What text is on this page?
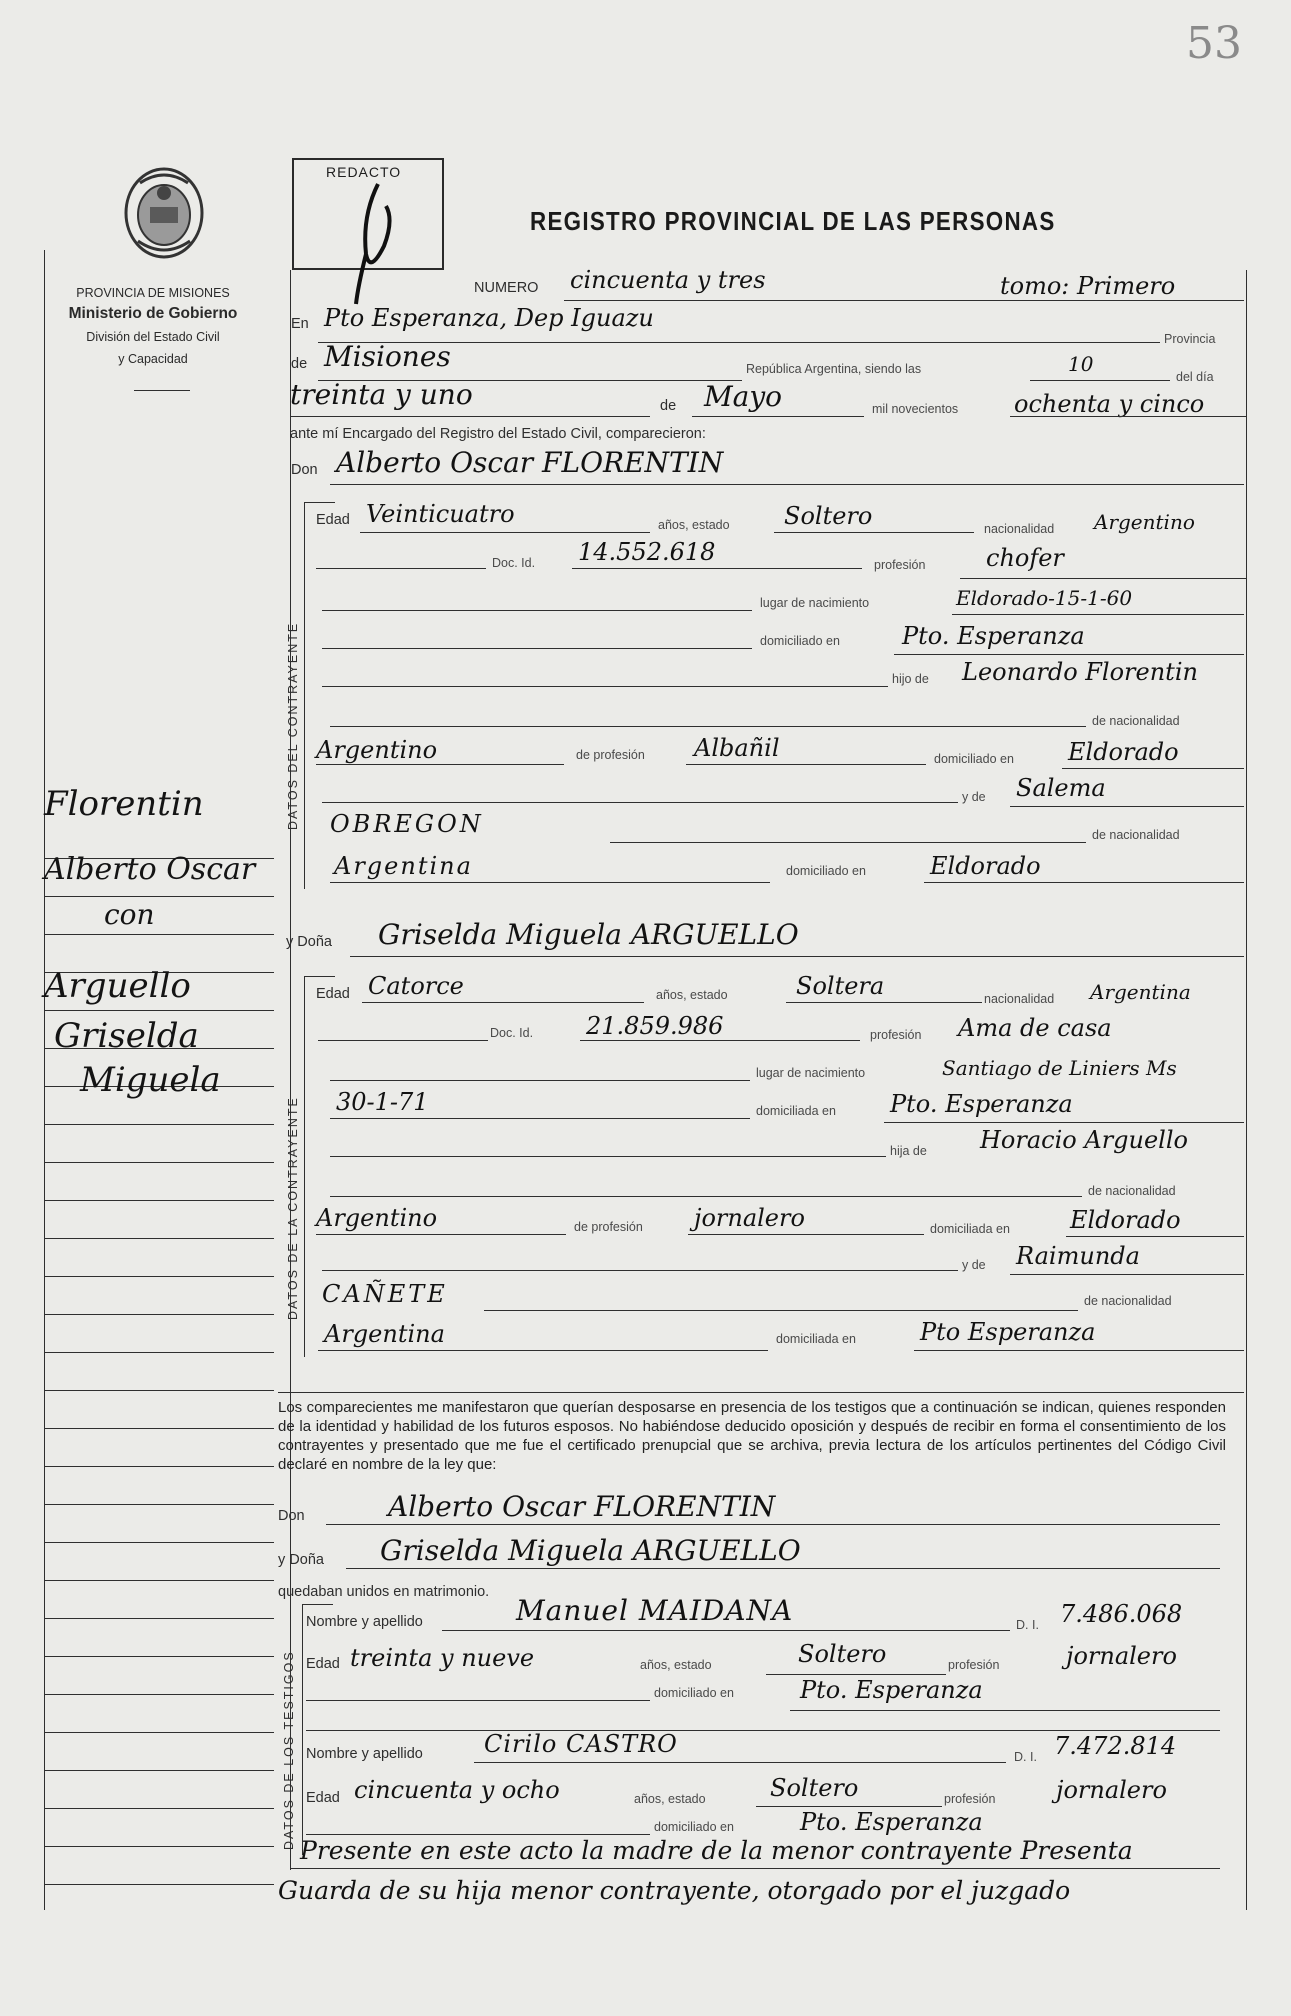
53
PROVINCIA DE MISIONES
Ministerio de Gobierno
División del Estado Civil
y Capacidad
REDACTO
REGISTRO PROVINCIAL DE LAS PERSONAS
Florentin
Alberto Oscar
con
Arguello
Griselda
Miguela
NUMERO cincuenta y tres	tomo: Primero
En Pto Esperanza, Dep Iguazu
Provincia
de Misiones	República Argentina, siendo las	10
del día
treinta y uno	de Mayo	mil novecientos ochenta y cinco
ante mí Encargado del Registro del Estado Civil, comparecieron:
Don Alberto Oscar FLORENTIN
DATOS DEL CONTRAYENTE
Edad Veinticuatro	años, estado Soltero	nacionalidad Argentino
Doc. Id. 14.552.618	profesión	chofer
lugar de nacimiento	Eldorado-15-1-60
domiciliado en	Pto. Esperanza
hijo de Leonardo Florentin
de nacionalidad
Argentino	de profesión Albañil	domiciliado en Eldorado
y de Salema
OBREGON	de nacionalidad
Argentina	domiciliado en	Eldorado
y Doña Griselda Miguela ARGUELLO
DATOS DE LA CONTRAYENTE
Edad Catorce	años, estado	Soltera	nacionalidad Argentina
Doc. Id. 21.859.986	profesión Ama de casa
lugar de nacimiento	Santiago de Liniers Ms
30-1-71	domiciliada en Pto. Esperanza
hija de Horacio Arguello
de nacionalidad
Argentino	de profesión jornalero	domiciliada en	Eldorado
y de Raimunda
CAÑETE	de nacionalidad
Argentina	domiciliada en	Pto Esperanza
Los comparecientes me manifestaron que querían desposarse en presencia de los testigos que a continuación se indican, quienes responden de la identidad y habilidad de los futuros esposos. No habiéndose deducido oposición y después de recibir en forma el consentimiento de los contrayentes y presentado que me fue el certificado prenupcial que se archiva, previa lectura de los artículos pertinentes del Código Civil declaré en nombre de la ley que:
Don	Alberto Oscar FLORENTIN
y Doña Griselda Miguela ARGUELLO
quedaban unidos en matrimonio.
DATOS DE LOS TESTIGOS
Nombre y apellido	Manuel MAIDANA	D. I. 7.486.068
Edad treinta y nueve	años, estado	Soltero	profesión	jornalero
domiciliado en	Pto. Esperanza
Nombre y apellido	Cirilo CASTRO	D. I. 7.472.814
Edad cincuenta y ocho	años, estado	Soltero	profesión	jornalero
domiciliado en	Pto. Esperanza
Presente en este acto la madre de la menor contrayente Presenta
Guarda de su hija menor contrayente, otorgado por el juzgado
